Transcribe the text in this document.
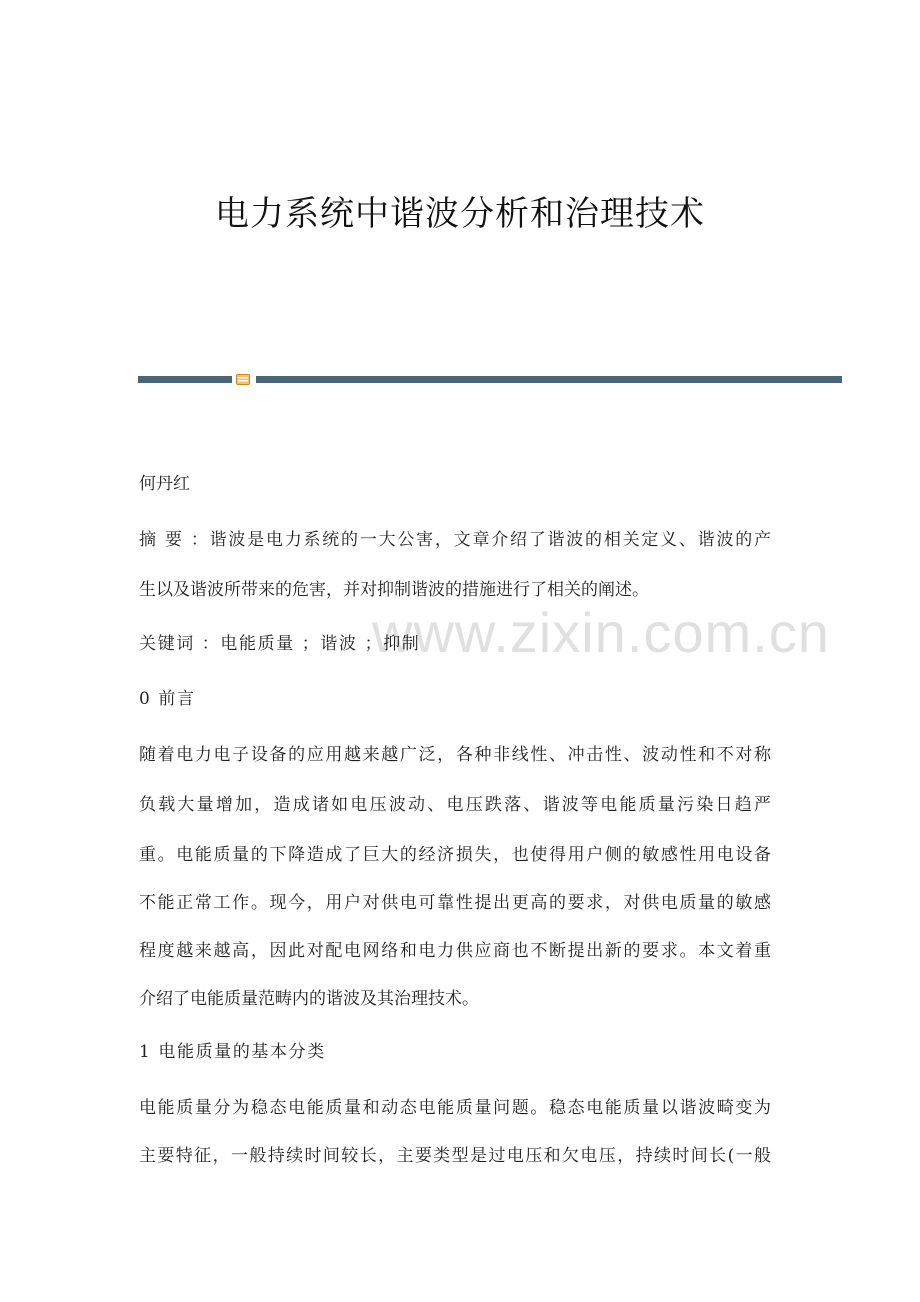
电力系统中谐波分析和治理技术
www.zixin.com.cn
何丹红
摘 要 ：谐波是电力系统的一大公害，文章介绍了谐波的相关定义、谐波的产
生以及谐波所带来的危害，并对抑制谐波的措施进行了相关的阐述。
关键词 ：电能质量 ；谐波 ；抑制
0 前言
随着电力电子设备的应用越来越广泛，各种非线性、冲击性、波动性和不对称
负载大量增加，造成诸如电压波动、电压跌落、谐波等电能质量污染日趋严
重。电能质量的下降造成了巨大的经济损失，也使得用户侧的敏感性用电设备
不能正常工作。现今，用户对供电可靠性提出更高的要求，对供电质量的敏感
程度越来越高，因此对配电网络和电力供应商也不断提出新的要求。本文着重
介绍了电能质量范畴内的谐波及其治理技术。
1 电能质量的基本分类
电能质量分为稳态电能质量和动态电能质量问题。稳态电能质量以谐波畸变为
主要特征，一般持续时间较长，主要类型是过电压和欠电压，持续时间长(一般
